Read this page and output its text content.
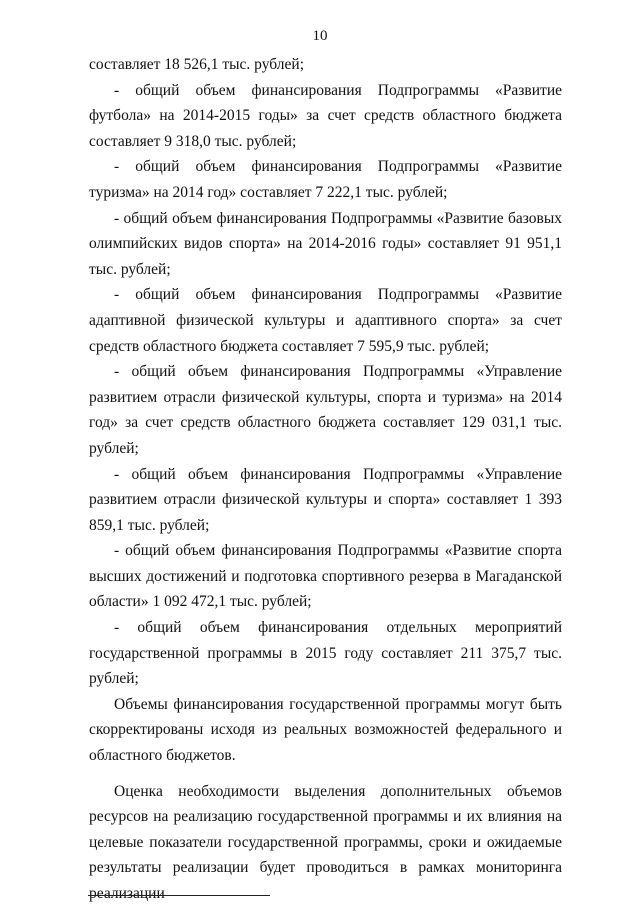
10

составляет 18 526,1 тыс. рублей;

- общий объем финансирования Подпрограммы «Развитие футбола» на 2014-2015 годы» за счет средств областного бюджета составляет 9 318,0 тыс. рублей;

- общий объем финансирования Подпрограммы «Развитие туризма» на 2014 год» составляет 7 222,1 тыс. рублей;

- общий объем финансирования Подпрограммы «Развитие базовых олимпийских видов спорта» на 2014-2016 годы» составляет 91 951,1 тыс. рублей;

- общий объем финансирования Подпрограммы «Развитие адаптивной физической культуры и адаптивного спорта» за счет средств областного бюджета составляет 7 595,9 тыс. рублей;

- общий объем финансирования Подпрограммы «Управление развитием отрасли физической культуры, спорта и туризма» на 2014 год» за счет средств областного бюджета составляет 129 031,1 тыс. рублей;

- общий объем финансирования Подпрограммы «Управление развитием отрасли физической культуры и спорта» составляет 1 393 859,1 тыс. рублей;

- общий объем финансирования Подпрограммы «Развитие спорта высших достижений и подготовка спортивного резерва в Магаданской области» 1 092 472,1 тыс. рублей;

- общий объем финансирования отдельных мероприятий государственной программы в 2015 году составляет 211 375,7 тыс. рублей;

Объемы финансирования государственной программы могут быть скорректированы исходя из реальных возможностей федерального и областного бюджетов.

Оценка необходимости выделения дополнительных объемов ресурсов на реализацию государственной программы и их влияния на целевые показатели государственной программы, сроки и ожидаемые результаты реализации будет проводиться в рамках мониторинга реализации
